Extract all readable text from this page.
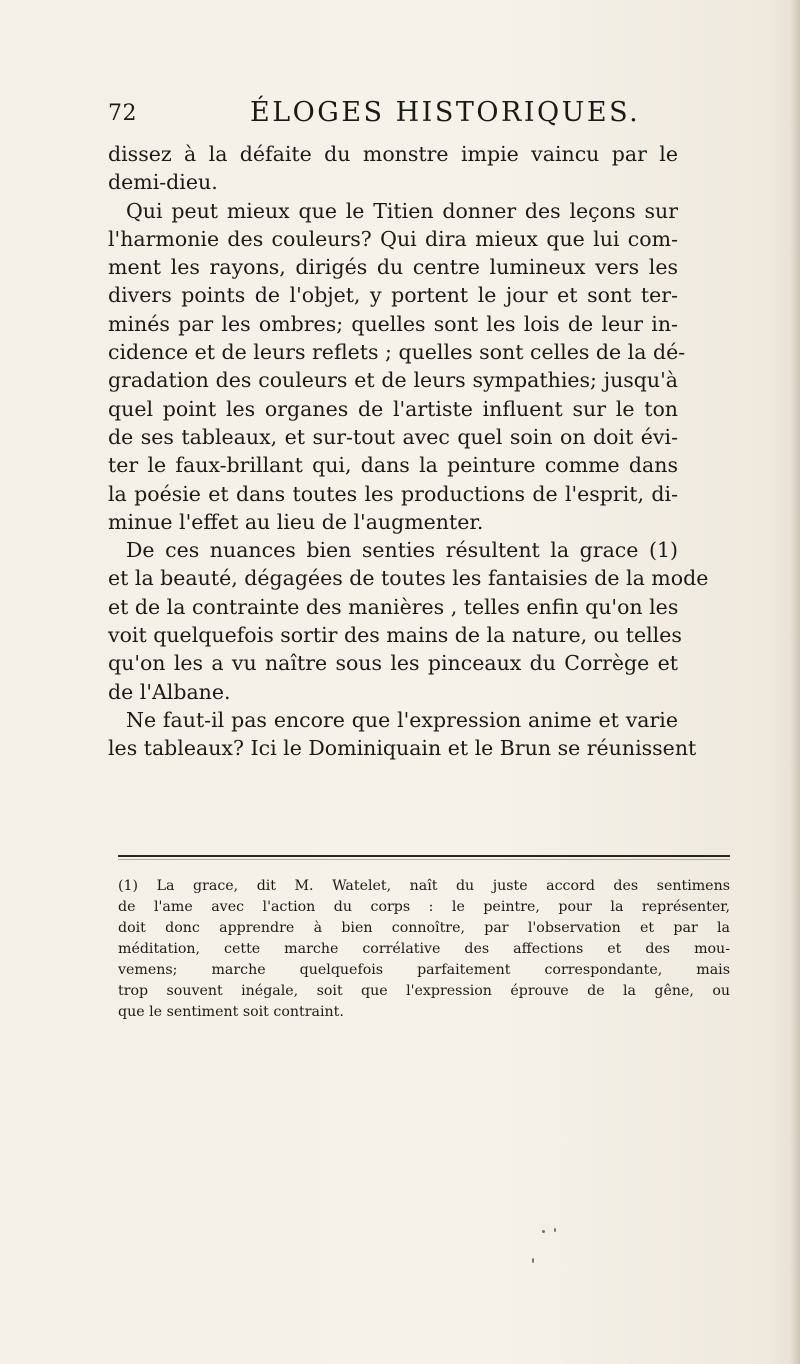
72	ÉLOGES HISTORIQUES.
dissez à la défaite du monstre impie vaincu par le
demi-dieu.
Qui peut mieux que le Titien donner des leçons sur
l'harmonie des couleurs? Qui dira mieux que lui com-
ment les rayons, dirigés du centre lumineux vers les
divers points de l'objet, y portent le jour et sont ter-
minés par les ombres; quelles sont les lois de leur in-
cidence et de leurs reflets ; quelles sont celles de la dé-
gradation des couleurs et de leurs sympathies; jusqu'à
quel point les organes de l'artiste influent sur le ton
de ses tableaux, et sur-tout avec quel soin on doit évi-
ter le faux-brillant qui, dans la peinture comme dans
la poésie et dans toutes les productions de l'esprit, di-
minue l'effet au lieu de l'augmenter.
De ces nuances bien senties résultent la grace (1)
et la beauté, dégagées de toutes les fantaisies de la mode
et de la contrainte des manières , telles enfin qu'on les
voit quelquefois sortir des mains de la nature, ou telles
qu'on les a vu naître sous les pinceaux du Corrège et
de l'Albane.
Ne faut-il pas encore que l'expression anime et varie
les tableaux? Ici le Dominiquain et le Brun se réunissent
(1) La grace, dit M. Watelet, naît du juste accord des sentimens
de l'ame avec l'action du corps : le peintre, pour la représenter,
doit donc apprendre à bien connoître, par l'observation et par la
méditation, cette marche corrélative des affections et des mou-
vemens; marche quelquefois parfaitement correspondante, mais
trop souvent inégale, soit que l'expression éprouve de la gêne, ou
que le sentiment soit contraint.
